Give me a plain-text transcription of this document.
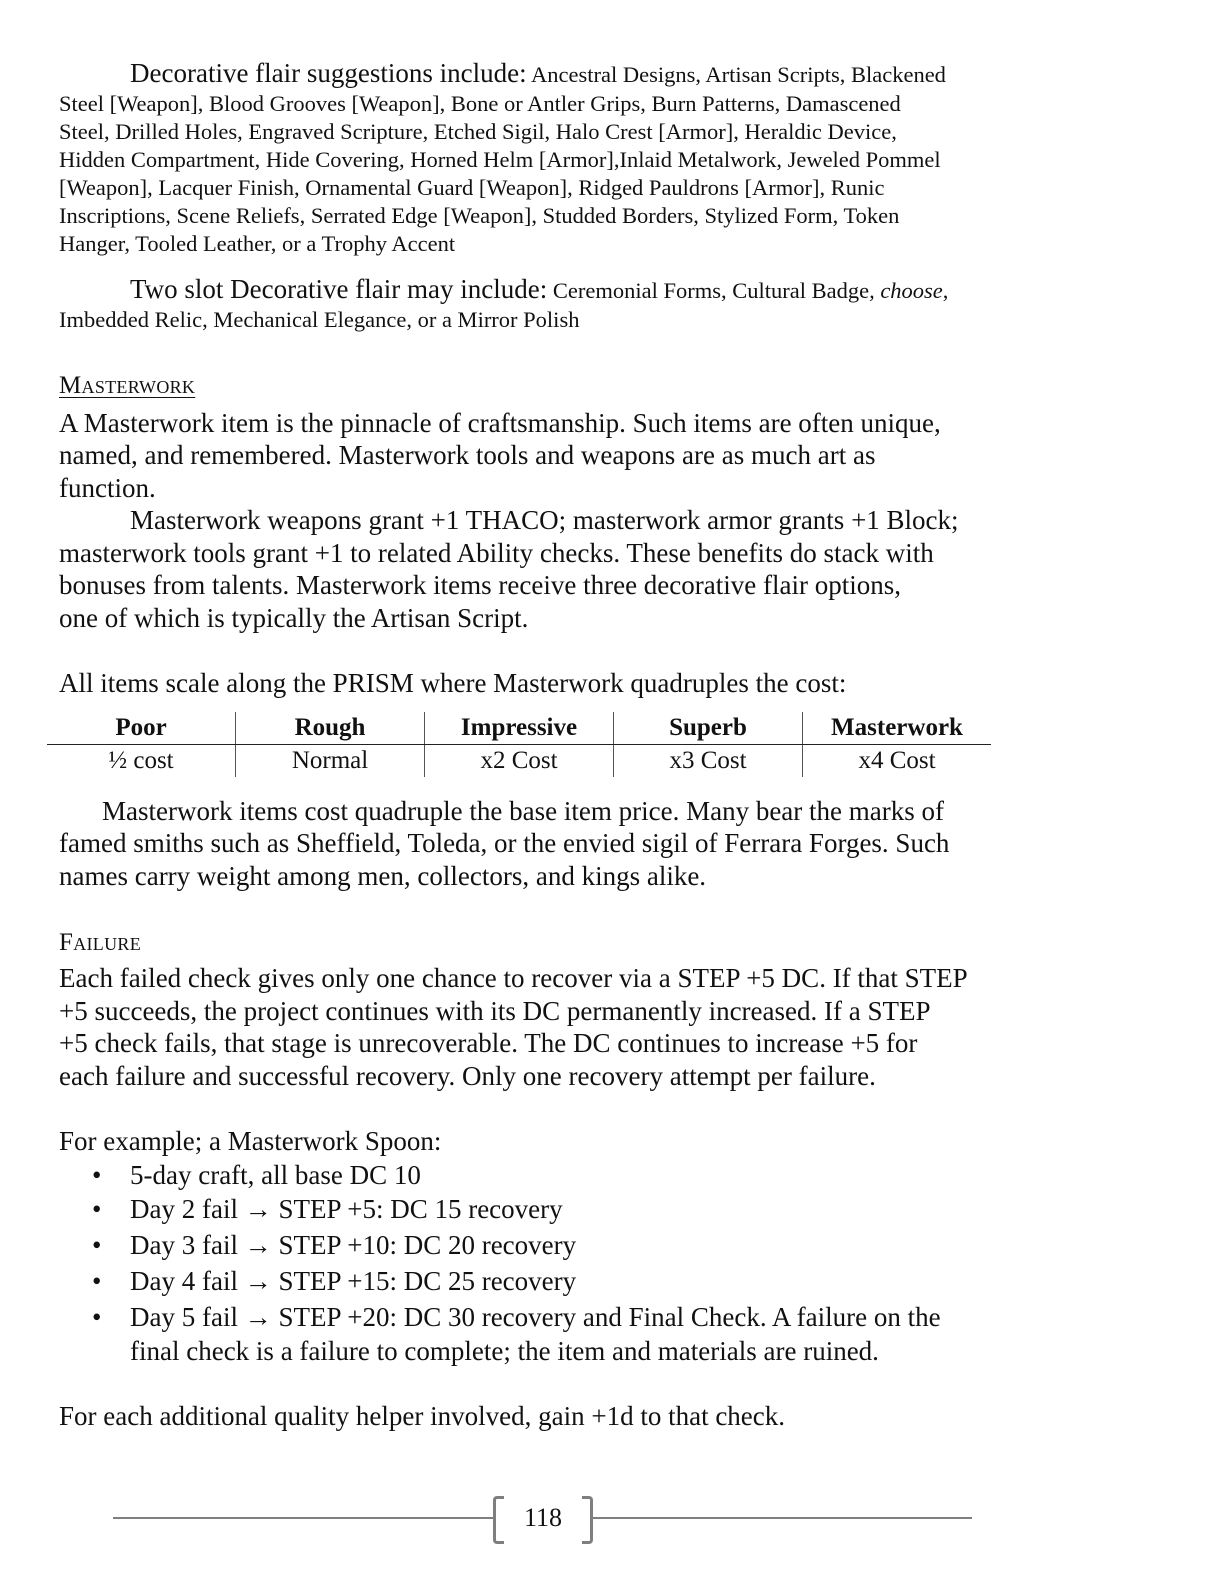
Decorative flair suggestions include: Ancestral Designs, Artisan Scripts, Blackened
Steel [Weapon], Blood Grooves [Weapon], Bone or Antler Grips, Burn Patterns, Damascened
Steel, Drilled Holes, Engraved Scripture, Etched Sigil, Halo Crest [Armor], Heraldic Device,
Hidden Compartment, Hide Covering, Horned Helm [Armor],Inlaid Metalwork, Jeweled Pommel
[Weapon], Lacquer Finish, Ornamental Guard [Weapon], Ridged Pauldrons [Armor], Runic
Inscriptions, Scene Reliefs, Serrated Edge [Weapon], Studded Borders, Stylized Form, Token
Hanger, Tooled Leather, or a Trophy Accent
Two slot Decorative flair may include: Ceremonial Forms, Cultural Badge, choose,
Imbedded Relic, Mechanical Elegance, or a Mirror Polish
Masterwork
A Masterwork item is the pinnacle of craftsmanship. Such items are often unique,
named, and remembered. Masterwork tools and weapons are as much art as
function.
Masterwork weapons grant +1 THACO; masterwork armor grants +1 Block;
masterwork tools grant +1 to related Ability checks. These benefits do stack with
bonuses from talents. Masterwork items receive three decorative flair options,
one of which is typically the Artisan Script.
All items scale along the PRISM where Masterwork quadruples the cost:
Poor	Rough	Impressive	Superb	Masterwork
½ cost	Normal	x2 Cost	x3 Cost	x4 Cost
Masterwork items cost quadruple the base item price. Many bear the marks of
famed smiths such as Sheffield, Toleda, or the envied sigil of Ferrara Forges. Such
names carry weight among men, collectors, and kings alike.
Failure
Each failed check gives only one chance to recover via a STEP +5 DC. If that STEP
+5 succeeds, the project continues with its DC permanently increased. If a STEP
+5 check fails, that stage is unrecoverable. The DC continues to increase +5 for
each failure and successful recovery. Only one recovery attempt per failure.
For example; a Masterwork Spoon:
• 5-day craft, all base DC 10
• Day 2 fail → STEP +5: DC 15 recovery
• Day 3 fail → STEP +10: DC 20 recovery
• Day 4 fail → STEP +15: DC 25 recovery
• Day 5 fail → STEP +20: DC 30 recovery and Final Check. A failure on the
final check is a failure to complete; the item and materials are ruined.
For each additional quality helper involved, gain +1d to that check.
118
